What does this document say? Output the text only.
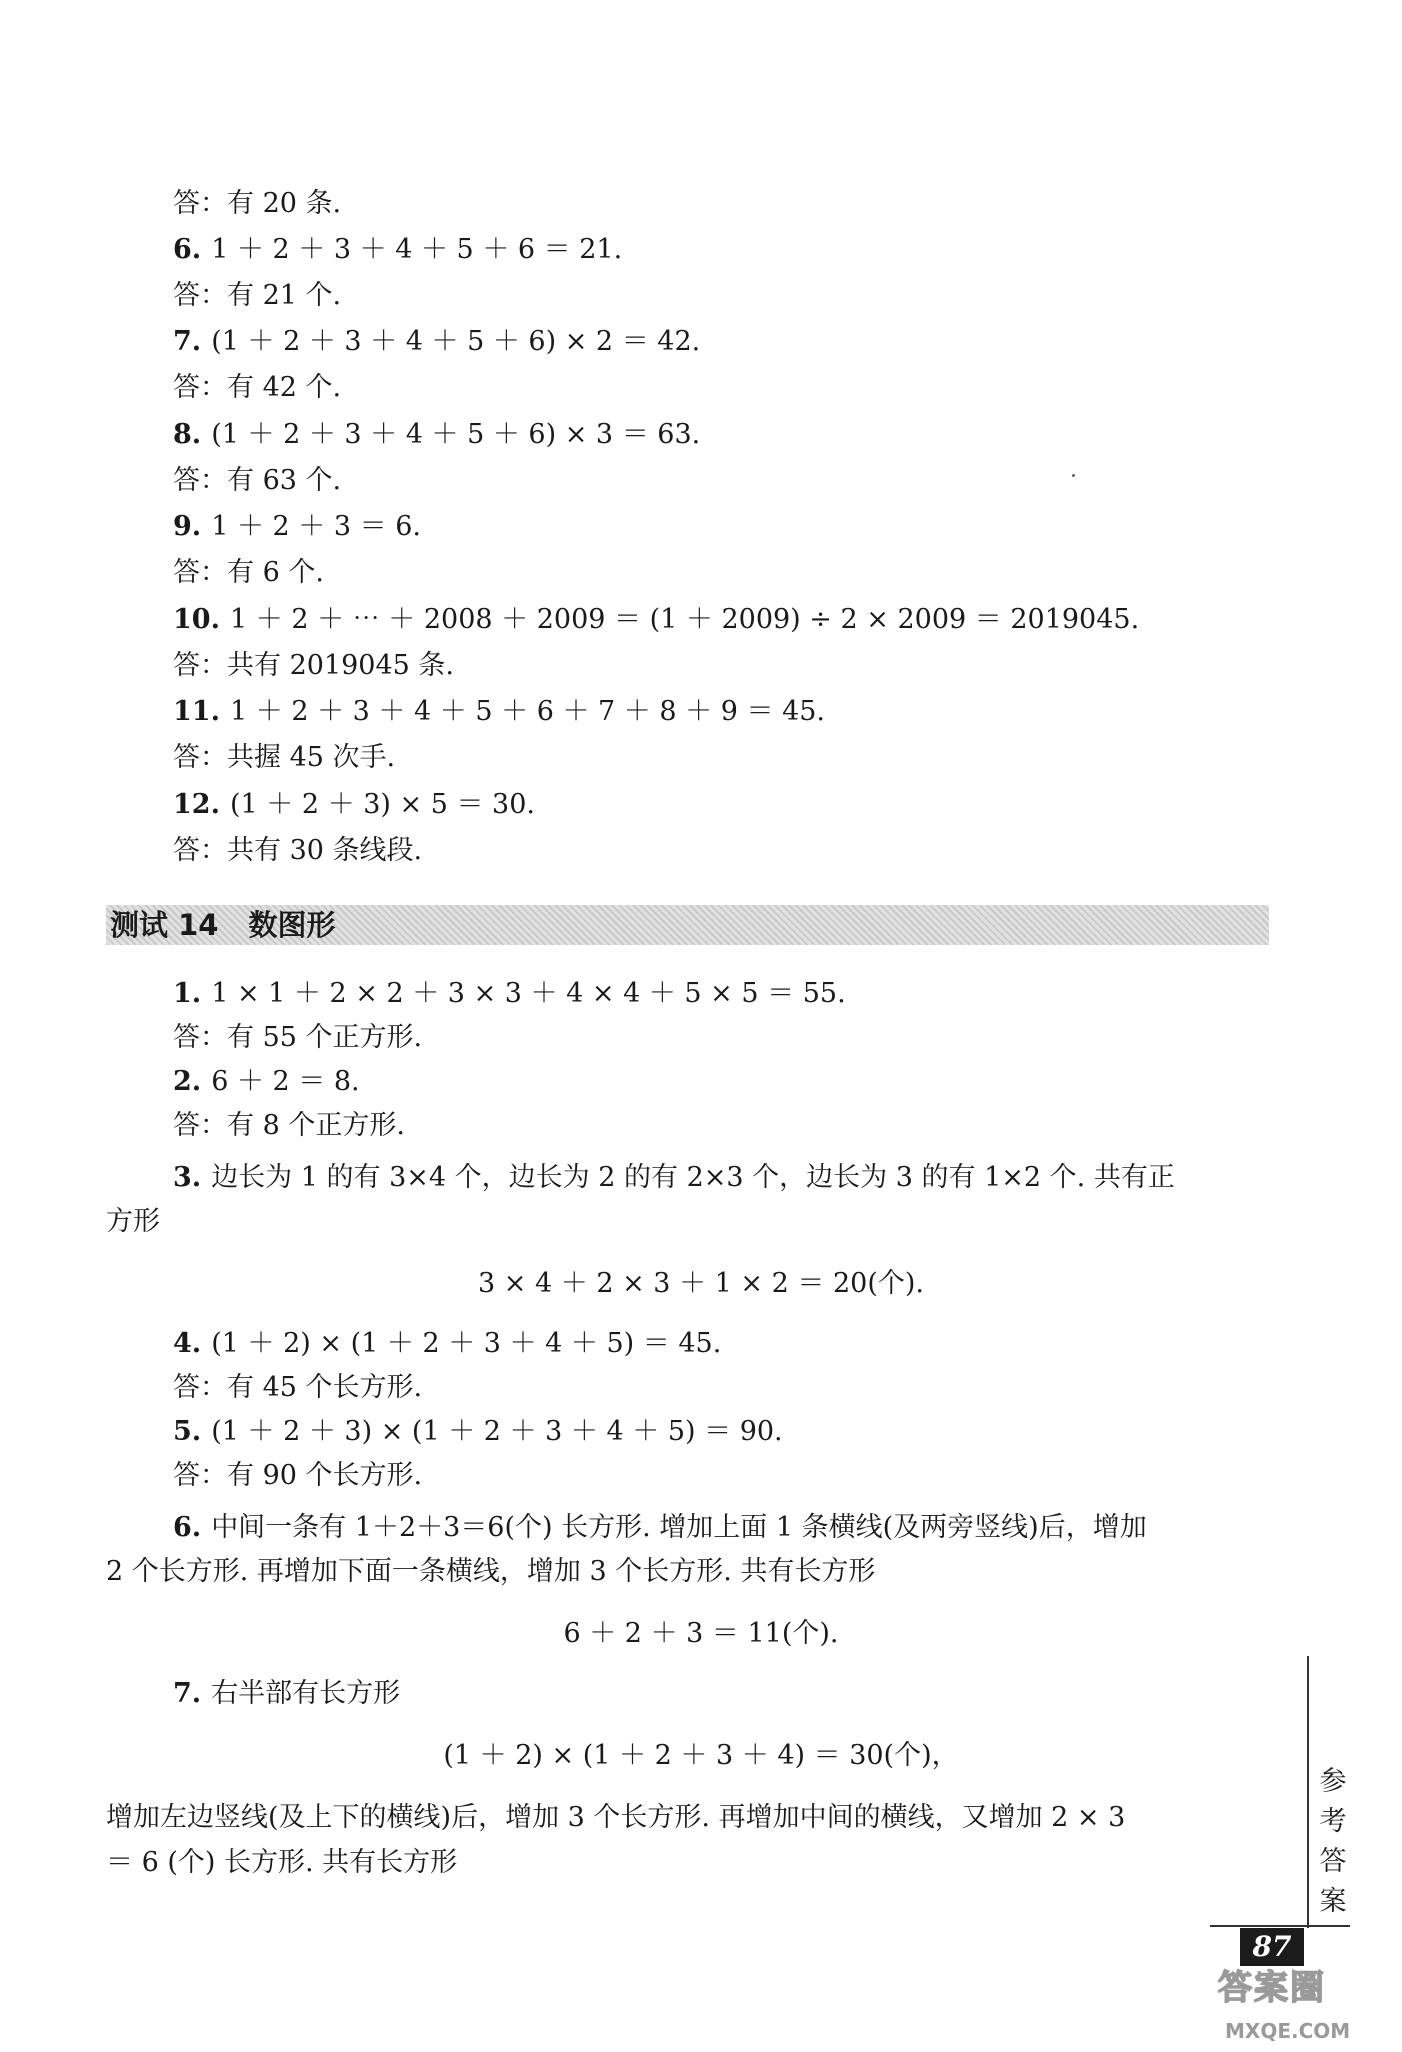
答：有 20 条.
6. 1 ＋ 2 ＋ 3 ＋ 4 ＋ 5 ＋ 6 ＝ 21.
答：有 21 个.
7. (1 ＋ 2 ＋ 3 ＋ 4 ＋ 5 ＋ 6) × 2 ＝ 42.
答：有 42 个.
8. (1 ＋ 2 ＋ 3 ＋ 4 ＋ 5 ＋ 6) × 3 ＝ 63.
答：有 63 个.
9. 1 ＋ 2 ＋ 3 ＝ 6.
答：有 6 个.
10. 1 ＋ 2 ＋ ⋯ ＋ 2008 ＋ 2009 ＝ (1 ＋ 2009) ÷ 2 × 2009 ＝ 2019045.
答：共有 2019045 条.
11. 1 ＋ 2 ＋ 3 ＋ 4 ＋ 5 ＋ 6 ＋ 7 ＋ 8 ＋ 9 ＝ 45.
答：共握 45 次手.
12. (1 ＋ 2 ＋ 3) × 5 ＝ 30.
答：共有 30 条线段.
测试 14 数图形
1. 1 × 1 ＋ 2 × 2 ＋ 3 × 3 ＋ 4 × 4 ＋ 5 × 5 ＝ 55.
答：有 55 个正方形.
2. 6 ＋ 2 ＝ 8.
答：有 8 个正方形.
3. 边长为 1 的有 3×4 个，边长为 2 的有 2×3 个，边长为 3 的有 1×2 个. 共有正
方形
3 × 4 ＋ 2 × 3 ＋ 1 × 2 ＝ 20(个).
4. (1 ＋ 2) × (1 ＋ 2 ＋ 3 ＋ 4 ＋ 5) ＝ 45.
答：有 45 个长方形.
5. (1 ＋ 2 ＋ 3) × (1 ＋ 2 ＋ 3 ＋ 4 ＋ 5) ＝ 90.
答：有 90 个长方形.
6. 中间一条有 1＋2＋3＝6(个) 长方形. 增加上面 1 条横线(及两旁竖线)后，增加
2 个长方形. 再增加下面一条横线，增加 3 个长方形. 共有长方形
6 ＋ 2 ＋ 3 ＝ 11(个).
7. 右半部有长方形
(1 ＋ 2) × (1 ＋ 2 ＋ 3 ＋ 4) ＝ 30(个)，
增加左边竖线(及上下的横线)后，增加 3 个长方形. 再增加中间的横线，又增加 2 × 3
＝ 6 (个) 长方形. 共有长方形
参考答案
87
答案圈
MXQE.COM
